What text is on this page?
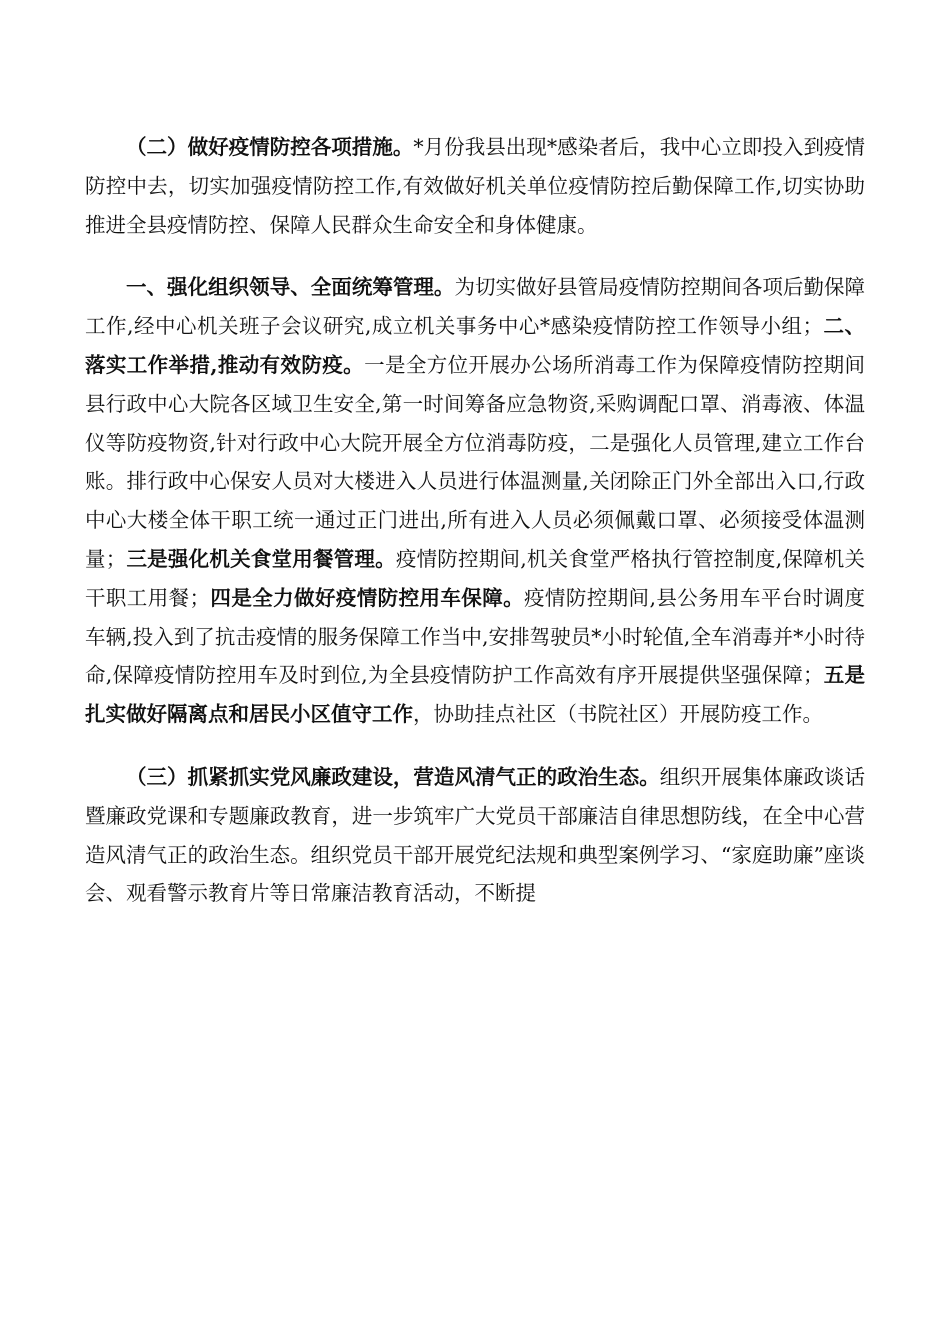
（二）做好疫情防控各项措施。*月份我县出现*感染者后，我中心立即投入到疫情防控中去，切实加强疫情防控工作,有效做好机关单位疫情防控后勤保障工作,切实协助推进全县疫情防控、保障人民群众生命安全和身体健康。

一、强化组织领导、全面统筹管理。为切实做好县管局疫情防控期间各项后勤保障工作,经中心机关班子会议研究,成立机关事务中心*感染疫情防控工作领导小组；二、落实工作举措,推动有效防疫。一是全方位开展办公场所消毒工作为保障疫情防控期间县行政中心大院各区域卫生安全,第一时间筹备应急物资,采购调配口罩、消毒液、体温仪等防疫物资,针对行政中心大院开展全方位消毒防疫，二是强化人员管理,建立工作台账。排行政中心保安人员对大楼进入人员进行体温测量,关闭除正门外全部出入口,行政中心大楼全体干职工统一通过正门进出,所有进入人员必须佩戴口罩、必须接受体温测量；三是强化机关食堂用餐管理。疫情防控期间,机关食堂严格执行管控制度,保障机关干职工用餐；四是全力做好疫情防控用车保障。疫情防控期间,县公务用车平台时调度车辆,投入到了抗击疫情的服务保障工作当中,安排驾驶员*小时轮值,全车消毒并*小时待命,保障疫情防控用车及时到位,为全县疫情防护工作高效有序开展提供坚强保障；五是扎实做好隔离点和居民小区值守工作，协助挂点社区（书院社区）开展防疫工作。

（三）抓紧抓实党风廉政建设，营造风清气正的政治生态。组织开展集体廉政谈话暨廉政党课和专题廉政教育，进一步筑牢广大党员干部廉洁自律思想防线，在全中心营造风清气正的政治生态。组织党员干部开展党纪法规和典型案例学习、“家庭助廉”座谈会、观看警示教育片等日常廉洁教育活动，不断提
